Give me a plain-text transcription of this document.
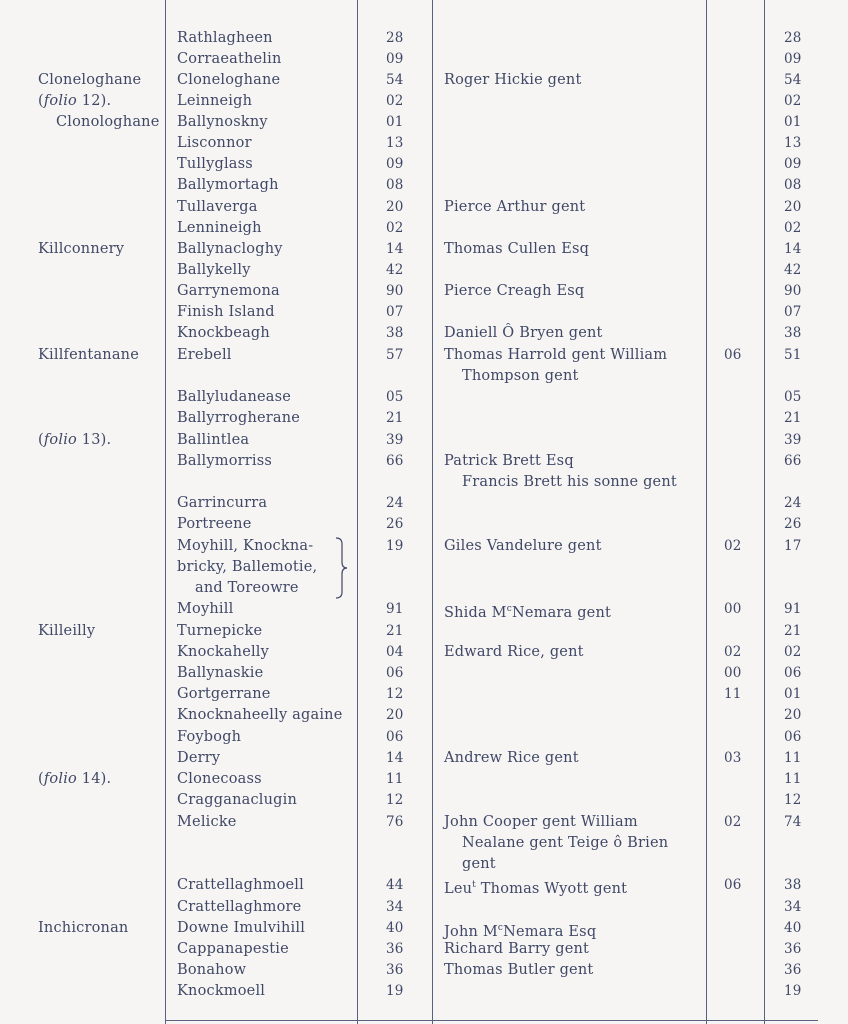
Cloneloghane
(folio 12).
Clonologhane
Killconnery
Killfentanane
(folio 13).
Killeilly
(folio 14).
Inchicronan
Rathlagheen
Corraeathelin
Cloneloghane
Leinneigh
Ballynoskny
Lisconnor
Tullyglass
Ballymortagh
Tullaverga
Lennineigh
Ballynacloghy
Ballykelly
Garrynemona
Finish Island
Knockbeagh
Erebell
Ballyludanease
Ballyrrogherane
Ballintlea
Ballymorriss
Garrincurra
Portreene
Moyhill, Knockna-
bricky, Ballemotie,
and Toreowre
Moyhill
Turnepicke
Knockahelly
Ballynaskie
Gortgerrane
Knocknaheelly againe
Foybogh
Derry
Clonecoass
Cragganaclugin
Melicke
Crattellaghmoell
Crattellaghmore
Downe Imulvihill
Cappanapestie
Bonahow
Knockmoell
28
09
54
02
01
13
09
08
20
02
14
42
90
07
38
57
05
21
39
66
24
26
19
91
21
04
06
12
20
06
14
11
12
76
44
34
40
36
36
19
Roger Hickie gent
Pierce Arthur gent
Thomas Cullen Esq
Pierce Creagh Esq
Daniell Ô Bryen gent
Thomas Harrold gent William
Thompson gent
Patrick Brett Esq
Francis Brett his sonne gent
Giles Vandelure gent
Shida $M^cNemara$ gent
Edward Rice, gent
Andrew Rice gent
John Cooper gent William
Nealane gent Teige ô Brien
gent
Leu$^t$ Thomas Wyott gent
John $M^cNemara$ Esq
Richard Barry gent
Thomas Butler gent
06
02
00
02
00
11
03
02
06
28
09
54
02
01
13
09
08
20
02
14
42
90
07
38
51
05
21
39
66
24
26
17
91
21
02
06
01
20
06
11
11
12
74
38
34
40
36
36
19
